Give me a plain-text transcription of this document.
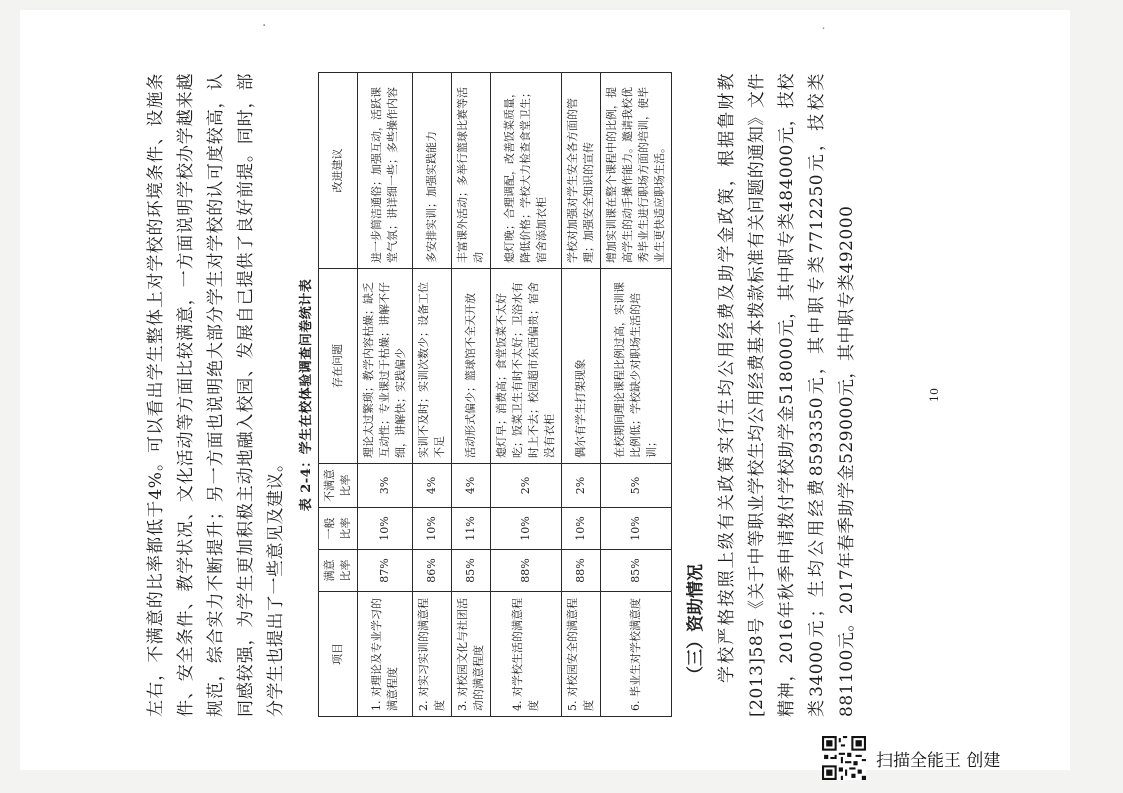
左右，不满意的比率都低于4%。可以看出学生整体上对学校的环境条件、设施条件、安全条件、教学状况、文化活动等方面比较满意，一方面说明学校办学越来越规范，综合实力不断提升；另一方面也说明绝大部分学生对学校的认可度较高，认同感较强，为学生更加积极主动地融入校园、发展自己提供了良好前提。同时，部分学生也提出了一些意见及建议。

表 2-4：学生在校体验调查问卷统计表
项目	满意比率	一般比率	不满意比率	存在问题	改进建议
1. 对理论及专业学习的满意程度	87%	10%	3%	理论太过繁琐；教学内容枯燥；缺乏互动性；专业课过于枯燥；讲解不仔细，讲解快；实践偏少	进一步简洁通俗；加强互动，活跃课堂气氛；讲详细一些；多些操作内容
2. 对实习实训的满意程度	86%	10%	4%	实训不及时；实训次数少；设备工位不足	多安排实训；加强实践能力
3. 对校园文化与社团活动的满意程度	85%	11%	4%	活动形式偏少；篮球馆不全天开放	丰富课外活动；多举行篮球比赛等活动
4. 对学校生活的满意程度	88%	10%	2%	熄灯早；消费高；食堂饭菜不太好吃；饭菜卫生有时不太好；卫浴水有时上不去；校园超市东西偏贵；宿舍没有衣柜	熄灯晚；合理调配，改善饭菜质量，降低价格；学校大力检查食堂卫生；宿舍添加衣柜
5. 对校园安全的满意程度	88%	10%	2%	偶尔有学生打架现象	学校对加强对学生安全各方面的管理；加强安全知识的宣传
6. 毕业生对学校满意度	85%	10%	5%	在校期间理论课程比例过高，实训课比例低；学校缺少对职场生活的培训；	增加实训课在整个课程中的比例，提高学生的动手操作能力。邀请我校优秀毕业生进行职场方面的培训，使毕业生更快适应职场生活。
（三）资助情况 学校严格按照上级有关政策实行生均公用经费及助学金政策，根据鲁财教[2013]58号《关于中等职业学校生均公用经费基本拨款标准有关问题的通知》文件精神，2016年秋季申请拨付学校助学金518000元，其中职专类484000元，技校类34000元；生均公用经费8593350元，其中职专类7712250元，技校类881100元。2017年春季助学金529000元，其中职专类492000	10
·	˙
扫描全能王 创建
